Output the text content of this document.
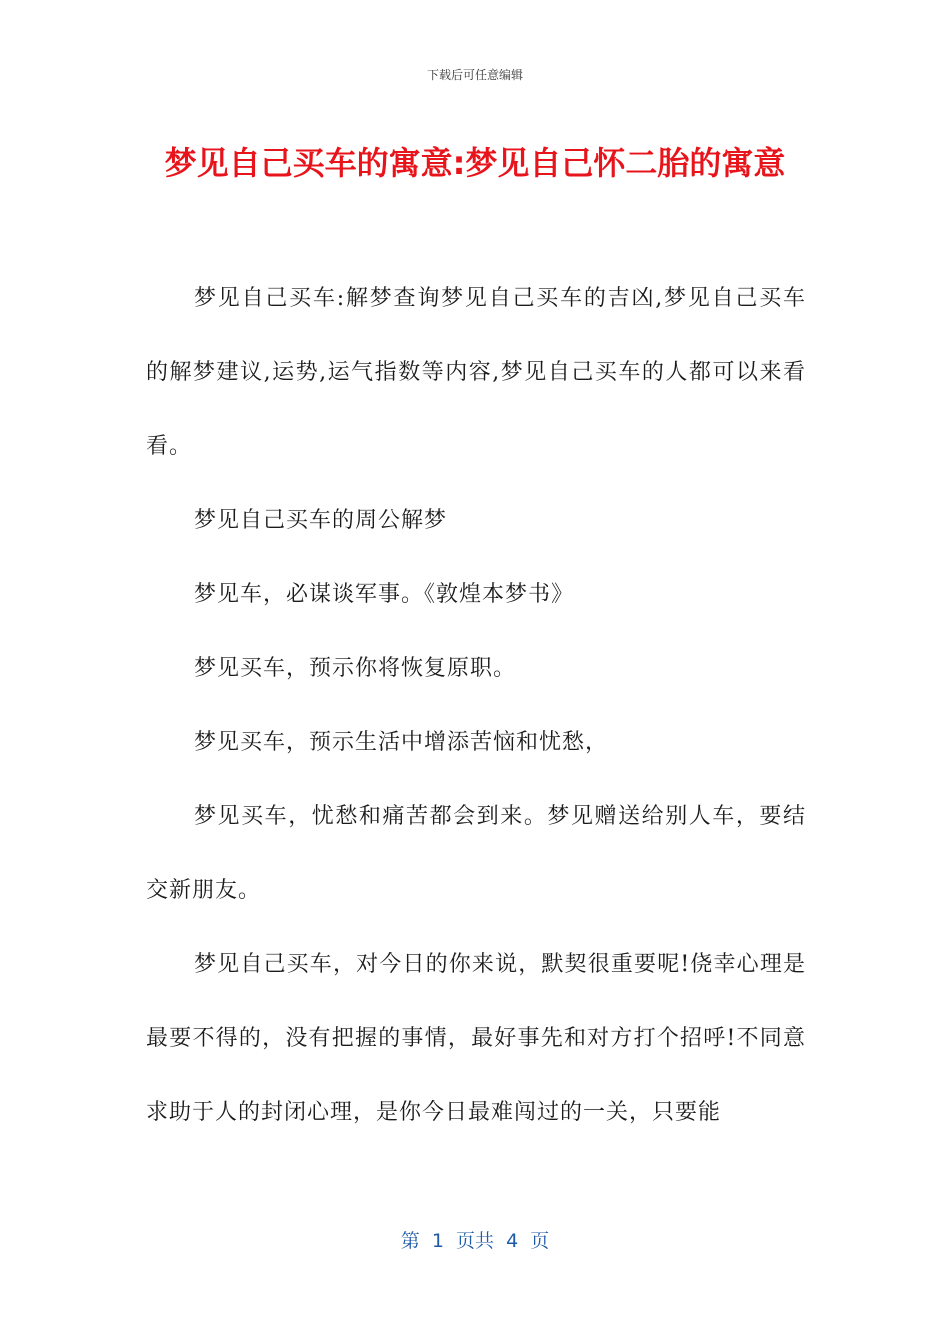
下载后可任意编辑
梦见自己买车的寓意:梦见自己怀二胎的寓意

梦见自己买车:解梦查询梦见自己买车的吉凶,梦见自己买车的解梦建议,运势,运气指数等内容,梦见自己买车的人都可以来看看。

梦见自己买车的周公解梦

梦见车，必谋谈军事。《敦煌本梦书》

梦见买车，预示你将恢复原职。

梦见买车，预示生活中增添苦恼和忧愁，

梦见买车，忧愁和痛苦都会到来。梦见赠送给别人车，要结交新朋友。

梦见自己买车，对今日的你来说，默契很重要呢!侥幸心理是最要不得的，没有把握的事情，最好事先和对方打个招呼!不同意求助于人的封闭心理，是你今日最难闯过的一关，只要能

第  1  页共  4  页
